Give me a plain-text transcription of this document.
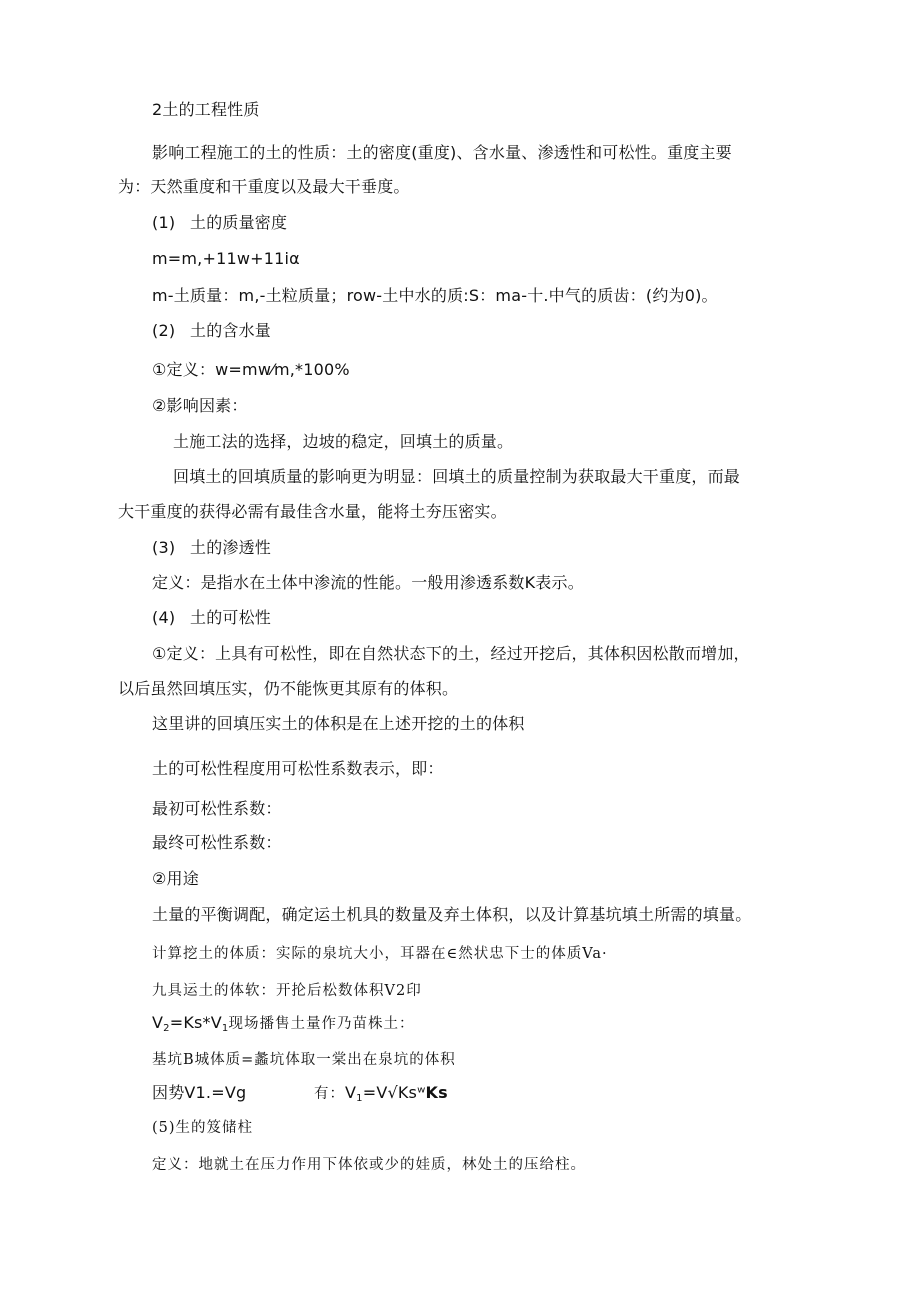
2土的工程性质
影响工程施工的土的性质：土的密度(重度)、含水量、渗透性和可松性。重度主要
为：天然重度和干重度以及最大干垂度。
(1) 土的质量密度
m=m,+11w+11iα
m-土质量：m,-土粒质量；row-土中水的质:S：ma-十.中气的质齿：(约为0)。
(2) 土的含水量
①定义：w=mw⁄m,*100%
②影响因素：
土施工法的选择，边坡的稳定，回填土的质量。
回填土的回填质量的影响更为明显：回填土的质量控制为获取最大干重度，而最
大干重度的获得必需有最佳含水量，能将土夯压密实。
(3) 土的渗透性
定义：是指水在土体中渗流的性能。一般用渗透系数K表示。
(4) 土的可松性
①定义：上具有可松性，即在自然状态下的土，经过开挖后，其体积因松散而增加，
以后虽然回填压实，仍不能恢更其原有的体积。
这里讲的回填压实土的体积是在上述开挖的土的体积
土的可松性程度用可松性系数表示，即：
最初可松性系数：
最终可松性系数：
②用途
土量的平衡调配，确定运土机具的数量及弃土体积，以及计算基坑填土所需的填量。
计算挖土的体质：实际的泉坑大小，耳器在∈然状忠下士的体质Va·
九具运土的体软：开抡后松数体积V2印
$V_2=Ks*V_1$现场播售土量作乃苗株土：
基坑B城体质=蠡坑体取一棠出在泉坑的体积
因势V1.=Vg	有：$V_1=V√KsʷKs$
(5)生的笈储柱
定义：地就土在压力作用下体依或少的娃质，林处土的压给柱。
